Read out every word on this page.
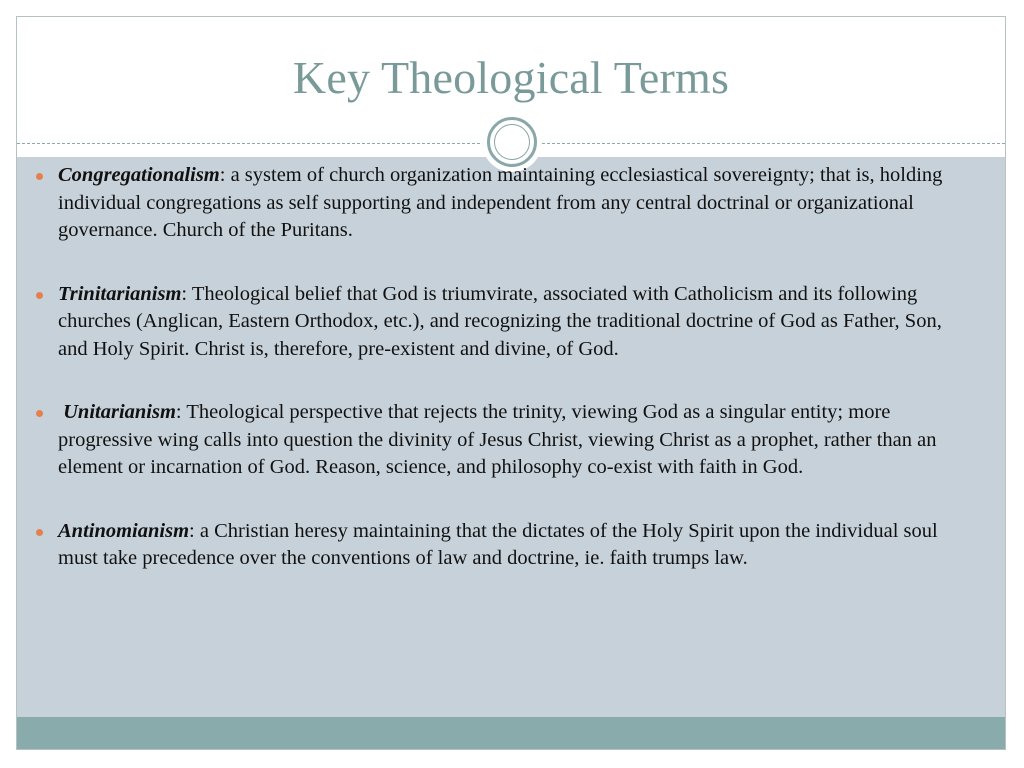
Key Theological Terms
Congregationalism: a system of church organization maintaining ecclesiastical sovereignty; that is, holding individual congregations as self supporting and independent from any central doctrinal or organizational governance. Church of the Puritans.
Trinitarianism: Theological belief that God is triumvirate, associated with Catholicism and its following churches (Anglican, Eastern Orthodox, etc.), and recognizing the traditional doctrine of God as Father, Son, and Holy Spirit. Christ is, therefore, pre-existent and divine, of God.
Unitarianism: Theological perspective that rejects the trinity, viewing God as a singular entity; more progressive wing calls into question the divinity of Jesus Christ, viewing Christ as a prophet, rather than an element or incarnation of God. Reason, science, and philosophy co-exist with faith in God.
Antinomianism: a Christian heresy maintaining that the dictates of the Holy Spirit upon the individual soul must take precedence over the conventions of law and doctrine, ie. faith trumps law.
